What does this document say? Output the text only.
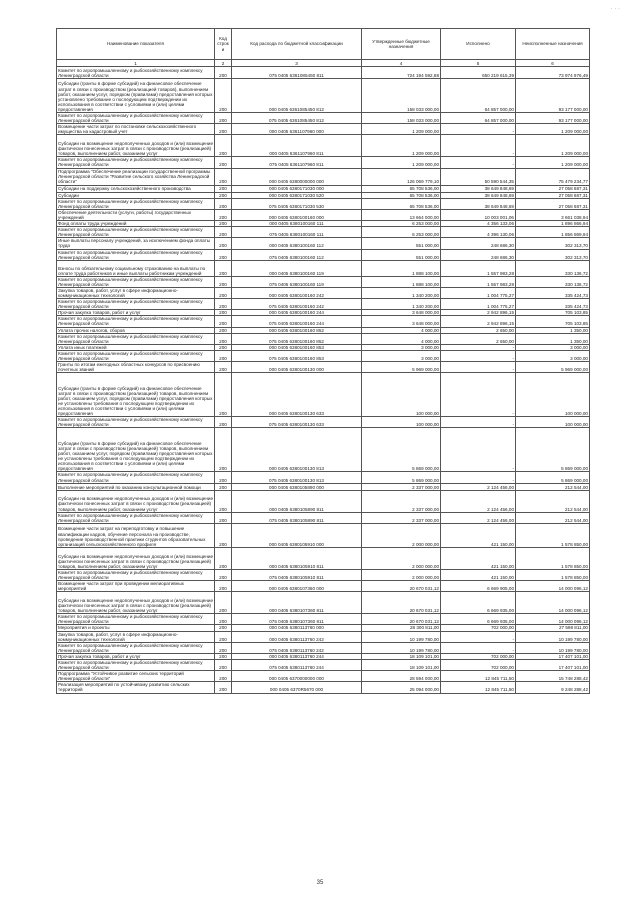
· · ·
Наименование показателя	Код строки	Код расхода по бюджетной классификации	Утвержденные бюджетные назначения	Исполнено	Неисполненные назначения
1	2	3	4	5	6
Комитет по агропромышленному и рыбохозяйственному комплексу Ленинградской области	200	075 0405 6361085450 811	724 194 592,88	650 219 615,39	73 974 976,49
Субсидии (гранты в форме субсидий) на финансовое обеспечение затрат в связи с производством (реализацией товаров), выполнением работ, оказанием услуг, порядком (правилами) предоставления которых установлено требование о последующем подтверждении их использования в соответствии с условиями и (или) целями предоставления	200	000 0405 6361085450 812	158 033 000,00	64 857 000,00	93 177 000,00
Комитет по агропромышленному и рыбохозяйственному комплексу Ленинградской области	200	075 0405 6361085450 812	158 033 000,00	64 857 000,00	93 177 000,00
Возмещение части затрат по постановке сельскохозяйственного имущества на кадастровый учет	200	000 0405 6361107960 000	1 209 000,00	-	1 209 000,00
Субсидии на возмещение недополученных доходов и (или) возмещение фактически понесенных затрат в связи с производством (реализацией) товаров, выполнением работ, оказанием услуг	200	000 0405 6361107960 811	1 209 000,00	-	1 209 000,00
Комитет по агропромышленному и рыбохозяйственному комплексу Ленинградской области	200	075 0405 6361107960 811	1 209 000,00	-	1 209 000,00
Подпрограмма "Обеспечение реализации государственной программы Ленинградской области "Развитие сельского хозяйства Ленинградской области"	200	000 0405 6380000000 000	126 069 779,10	50 590 544,35	75 479 234,77
Субсидии на поддержку сельскохозяйственного производства	200	000 0405 6380171030 000	65 708 536,00	38 649 848,69	27 058 687,31
Субсидии	200	000 0405 6380171030 520	65 708 536,00	38 649 848,69	27 058 687,31
Комитет по агропромышленному и рыбохозяйственному комплексу Ленинградской области	200	075 0405 6380171030 530	65 708 536,00	38 649 848,69	27 058 687,31
Обеспечение деятельности (услуги, работы) государственных учреждений	200	000 0405 6380100160 000	13 664 000,00	10 003 001,06	3 661 038,94
Фонд оплаты труда учреждений	200	000 0405 6380100160 111	6 253 000,00	4 356 133,06	1 896 866,94
Комитет по агропромышленному и рыбохозяйственному комплексу Ленинградской области	200	075 0405 6380100160 111	6 253 000,00	4 396 130,06	1 856 869,94
Иные выплаты персоналу учреждений, за исключением фонда оплаты труда	200	000 0405 6380100160 112	551 000,00	248 686,30	302 313,70
Комитет по агропромышленному и рыбохозяйственному комплексу Ленинградской области	200	075 0405 6380100160 112	551 000,00	248 686,30	302 313,70
Взносы по обязательному социальному страхованию на выплаты по оплате труда работников и иные выплаты работникам учреждений	200	000 0405 6380100160 119	1 888 100,00	1 557 983,28	330 136,72
Комитет по агропромышленному и рыбохозяйственному комплексу Ленинградской области	200	075 0405 6380100160 119	1 888 100,00	1 557 983,28	330 136,72
Закупка товаров, работ, услуг в сфере информационно-коммуникационных технологий	200	000 0405 6380100160 242	1 340 200,00	1 004 775,27	335 424,73
Комитет по агропромышленному и рыбохозяйственному комплексу Ленинградской области	200	075 0405 6380100160 242	1 340 200,00	1 004 775,27	335 424,73
Прочая закупка товаров, работ и услуг	200	000 0405 6380100160 244	3 648 000,00	2 942 896,15	705 103,85
Комитет по агропромышленному и рыбохозяйственному комплексу Ленинградской области	200	075 0405 6380100160 244	3 648 000,00	2 942 896,15	705 103,85
Уплата прочих налогов, сборов	200	000 0405 6380100160 852	4 000,00	2 650,00	1 350,00
Комитет по агропромышленному и рыбохозяйственному комплексу Ленинградской области	200	075 0405 6380100160 852	4 000,00	2 650,00	1 350,00
Уплата иных платежей	200	000 0405 6380100160 853	3 000,00	-	3 000,00
Комитет по агропромышленному и рыбохозяйственному комплексу Ленинградской области	200	075 0405 6380100160 853	3 000,00	-	3 000,00
Гранты по итогам ежегодных областных конкурсов по присвоению почетных званий	200	000 0405 6380100130 000	5 969 000,00	-	5 969 000,00
Субсидии (гранты в форме субсидий) на финансовое обеспечение затрат в связи с производством (реализацией) товаров, выполнением работ, оказанием услуг, порядком (правилами) предоставления которых не установлены требования о последующем подтверждении их использования в соответствии с условиями и (или) целями предоставления	200	000 0405 6380100130 633	100 000,00	-	100 000,00
Комитет по агропромышленному и рыбохозяйственному комплексу Ленинградской области	200	075 0405 6380100130 633	100 000,00	-	100 000,00
Субсидии (гранты в форме субсидий) на финансовое обеспечение затрат в связи с производством (реализацией) товаров, выполнением работ, оказанием услуг, порядком (правилами) предоставления которых не установлены требования о последующем подтверждении их использования в соответствии с условиями и (или) целями предоставления	200	000 0405 6380100130 813	5 869 000,00	-	5 869 000,00
Комитет по агропромышленному и рыбохозяйственному комплексу Ленинградской области	200	075 0405 6380100130 813	5 869 000,00	-	5 869 000,00
Выполнение мероприятий по оказанию консультационной помощи	200	000 0405 6380105890 000	2 337 000,00	2 124 456,00	212 544,00
Субсидии на возмещение недополученных доходов и (или) возмещение фактически понесенных затрат в связи с производством (реализацией) товаров, выполнением работ, оказанием услуг	200	000 0405 6380105890 811	2 337 000,00	2 124 456,00	212 544,00
Комитет по агропромышленному и рыбохозяйственному комплексу Ленинградской области	200	075 0405 6380105890 811	2 337 000,00	2 124 456,00	212 544,00
Возмещение части затрат на переподготовку и повышение квалификации кадров, обучение персонала на производстве, проведение производственной практики студентов образовательных организаций сельскохозяйственного профиля	200	000 0405 6380105910 000	2 000 000,00	421 150,00	1 578 850,00
Субсидии на возмещение недополученных доходов и (или) возмещение фактически понесенных затрат в связи с производством (реализацией) товаров, выполнением работ, оказанием услуг	200	000 0405 6380105910 811	2 000 000,00	421 150,00	1 578 850,00
Комитет по агропромышленному и рыбохозяйственному комплексу Ленинградской области	200	075 0405 6380105910 811	2 000 000,00	421 150,00	1 578 850,00
Возмещение части затрат при проведении мелиоративных мероприятий	200	000 0405 6380107360 000	20 670 031,12	6 669 905,00	14 000 096,12
Субсидии на возмещение недополученных доходов и (или) возмещение фактически понесенных затрат в связи с производством (реализацией) товаров, выполнением работ, оказанием услуг	200	000 0405 6380107360 811	20 670 031,12	6 669 935,00	14 000 096,12
Комитет по агропромышленному и рыбохозяйственному комплексу Ленинградской области	200	075 0405 6380107360 811	20 670 031,12	6 669 935,00	14 000 096,12
Мероприятия и проекты	200	000 0405 6380113760 000	28 300 811,00	702 000,00	27 598 811,00
Закупка товаров, работ, услуг в сфере информационно-коммуникационных технологий	200	000 0405 6380113760 242	10 199 780,00	-	10 199 780,00
Комитет по агропромышленному и рыбохозяйственному комплексу Ленинградской области	200	075 0405 6380113760 242	10 199 780,00	-	10 199 780,00
Прочая закупка товаров, работ и услуг	200	000 0405 6380113760 244	18 109 101,00	702 000,00	17 407 101,00
Комитет по агропромышленному и рыбохозяйственному комплексу Ленинградской области	200	075 0405 6380113760 244	18 109 101,00	702 000,00	17 407 101,00
Подпрограмма "Устойчивое развитие сельских территорий Ленинградской области"	200	000 0405 6370000000 000	28 594 000,00	12 845 711,50	15 748 288,42
Реализация мероприятий по устойчивому развитию сельских территорий	200	000 0405 6370R5670 000	25 094 000,00	12 845 711,50	9 248 288,42
35
